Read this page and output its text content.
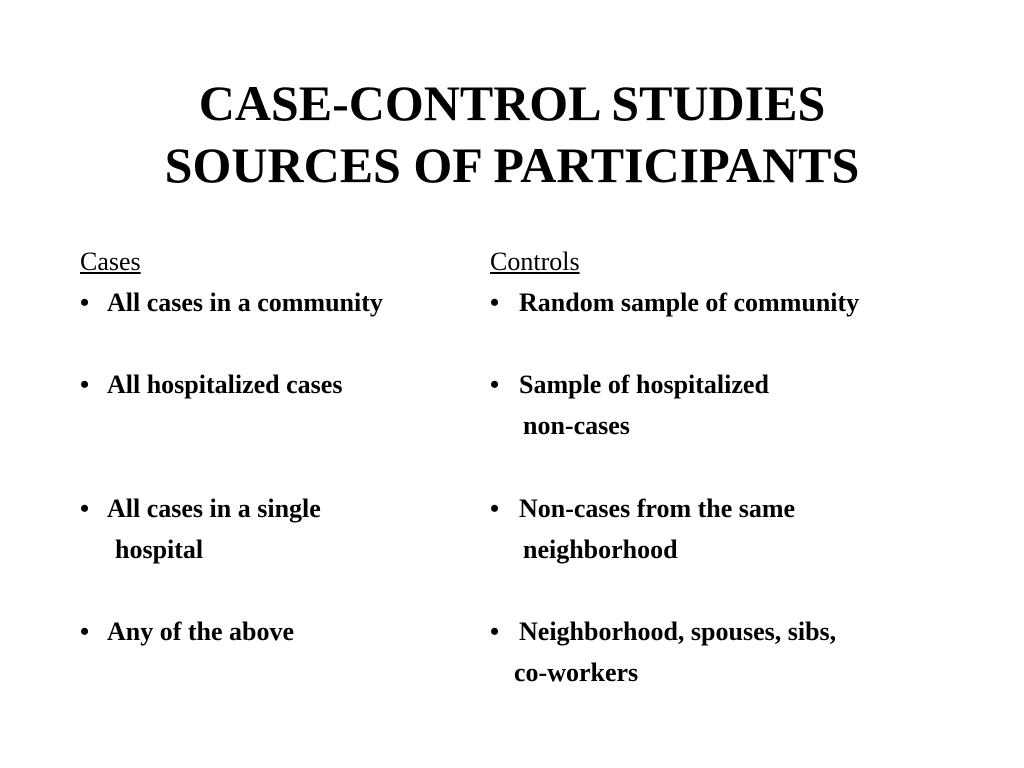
CASE-CONTROL STUDIES
SOURCES OF PARTICIPANTS
Cases
• All cases in a community
• All hospitalized cases
• All cases in a single
hospital
• Any of the above
Controls
• Random sample of community
• Sample of hospitalized
non-cases
• Non-cases from the same
neighborhood
• Neighborhood, spouses, sibs,
co-workers
